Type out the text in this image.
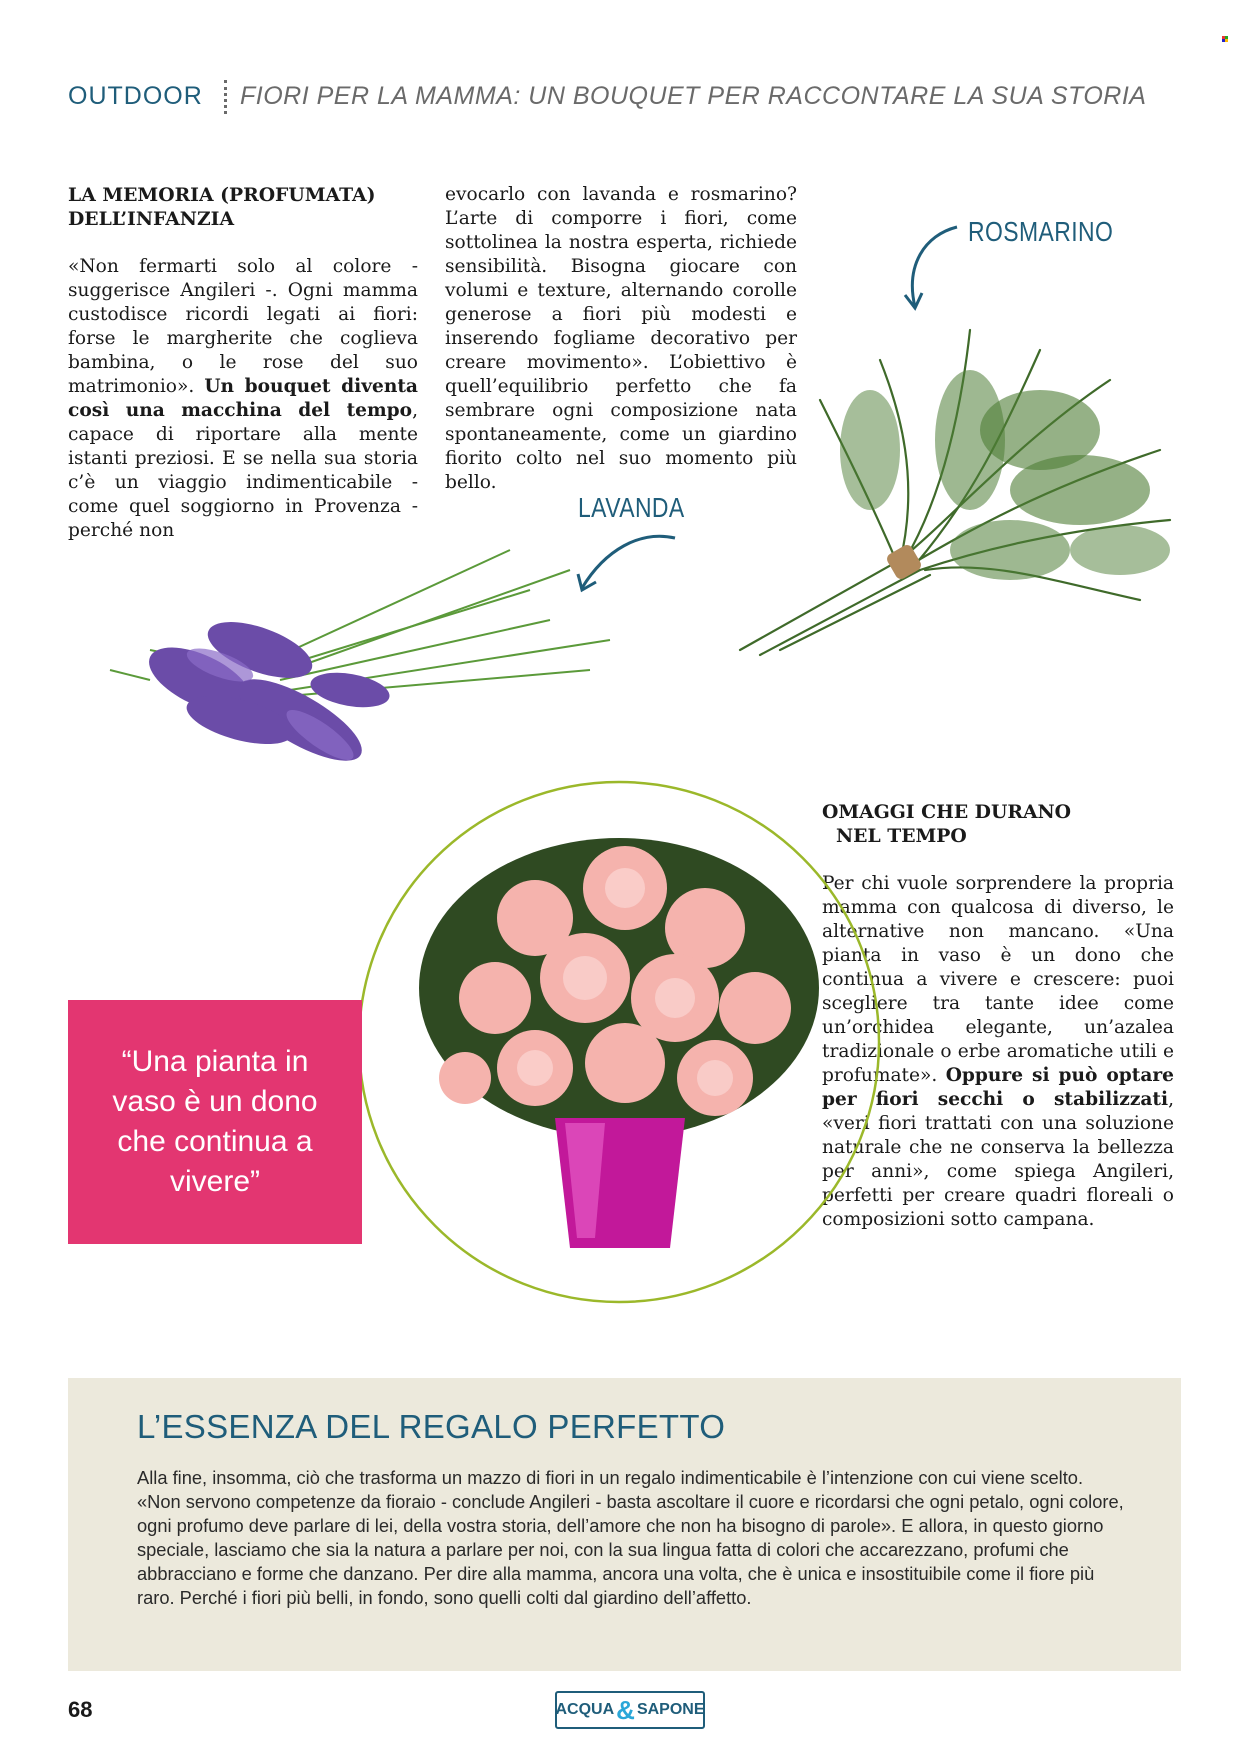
OUTDOOR FIORI PER LA MAMMA: UN BOUQUET PER RACCONTARE LA SUA STORIA

LA MEMORIA (PROFUMATA)

DELL’INFANZIA

«Non fermarti solo al colore - suggerisce Angileri -. Ogni mamma custodisce ricordi legati ai fiori: forse le margherite che coglieva bambina, o le rose del suo matrimonio». Un bouquet diventa così una macchina del tempo, capace di riportare alla mente istanti preziosi. E se nella sua storia c’è un viaggio indimenticabile - come quel soggiorno in Provenza - perché non

evocarlo con lavanda e rosmarino? L’arte di comporre i fiori, come sottolinea la nostra esperta, richiede sensibilità. Bisogna giocare con volumi e texture, alternando corolle generose a fiori più modesti e inserendo fogliame decorativo per creare movimento». L’obiettivo è quell’equilibrio perfetto che fa sembrare ogni composizione nata spontaneamente, come un giardino fiorito colto nel suo momento più bello.

ROSMARINO
LAVANDA

OMAGGI CHE DURANO

NEL TEMPO

Per chi vuole sorprendere la propria mamma con qualcosa di diverso, le alternative non mancano. «Una pianta in vaso è un dono che continua a vivere e crescere: puoi scegliere tra tante idee come un’orchidea elegante, un’azalea tradizionale o erbe aromatiche utili e profumate». Oppure si può optare per fiori secchi o stabilizzati, «veri fiori trattati con una soluzione naturale che ne conserva la bellezza per anni», come spiega Angileri, perfetti per creare quadri floreali o composizioni sotto campana.

“Una pianta in vaso è un dono che continua a vivere”
L’ESSENZA DEL REGALO PERFETTO
Alla fine, insomma, ciò che trasforma un mazzo di fiori in un regalo indimenticabile è l’intenzione con cui viene scelto. «Non servono competenze da fioraio - conclude Angileri - basta ascoltare il cuore e ricordarsi che ogni petalo, ogni colore, ogni profumo deve parlare di lei, della vostra storia, dell’amore che non ha bisogno di parole». E allora, in questo giorno speciale, lasciamo che sia la natura a parlare per noi, con la sua lingua fatta di colori che accarezzano, profumi che abbracciano e forme che danzano. Per dire alla mamma, ancora una volta, che è unica e insostituibile come il fiore più raro. Perché i fiori più belli, in fondo, sono quelli colti dal giardino dell’affetto.
68	ACQUA & SAPONE
